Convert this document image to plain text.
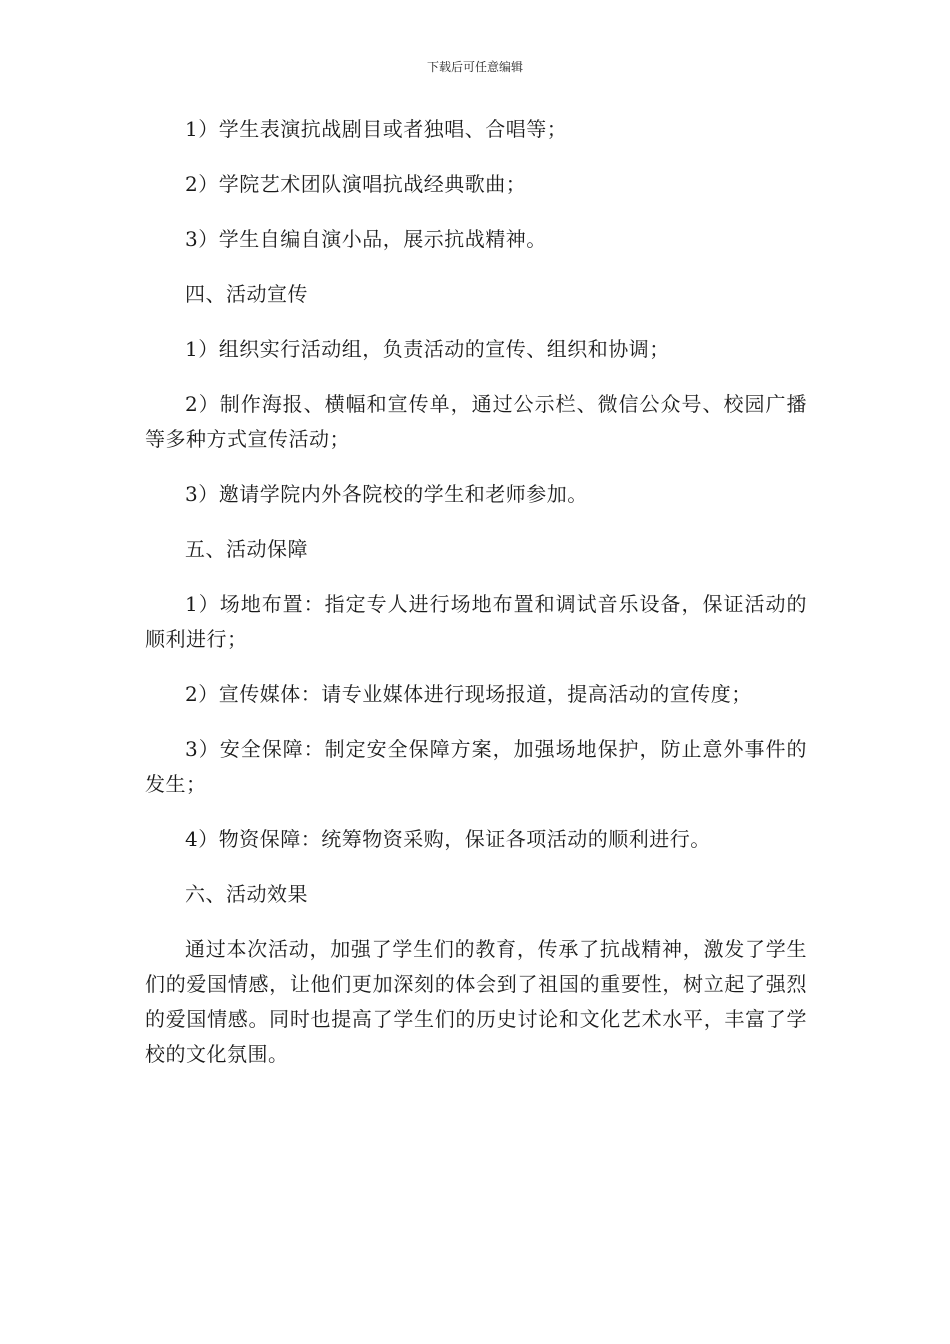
下载后可任意编辑

1）学生表演抗战剧目或者独唱、合唱等；

2）学院艺术团队演唱抗战经典歌曲；

3）学生自编自演小品，展示抗战精神。

四、活动宣传

1）组织实行活动组，负责活动的宣传、组织和协调；

2）制作海报、横幅和宣传单，通过公示栏、微信公众号、校园广播等多种方式宣传活动；

3）邀请学院内外各院校的学生和老师参加。

五、活动保障

1）场地布置：指定专人进行场地布置和调试音乐设备，保证活动的顺利进行；

2）宣传媒体：请专业媒体进行现场报道，提高活动的宣传度；

3）安全保障：制定安全保障方案，加强场地保护，防止意外事件的发生；

4）物资保障：统筹物资采购，保证各项活动的顺利进行。

六、活动效果

通过本次活动，加强了学生们的教育，传承了抗战精神，激发了学生们的爱国情感，让他们更加深刻的体会到了祖国的重要性，树立起了强烈的爱国情感。同时也提高了学生们的历史讨论和文化艺术水平，丰富了学校的文化氛围。
